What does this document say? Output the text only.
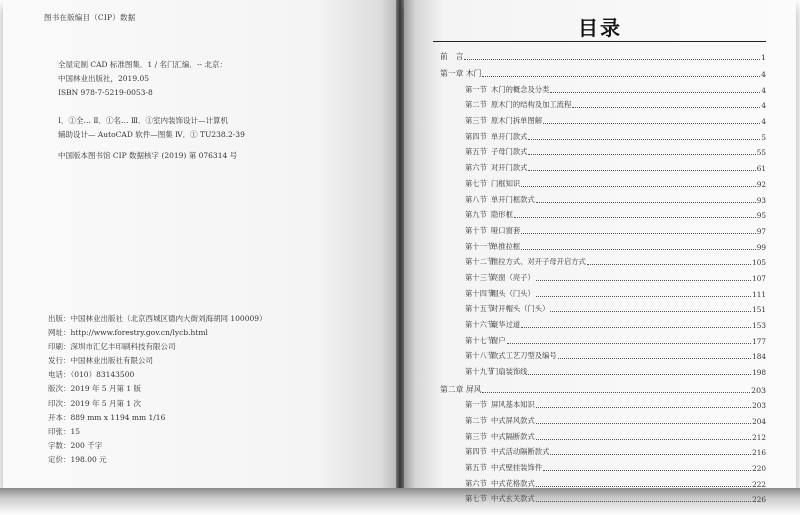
图书在版编目（CIP）数据
全屋定制 CAD 标准图集．1 / 名门汇编．-- 北京：
中国林业出版社，2019.05
ISBN 978-7-5219-0053-8
Ⅰ．①全… Ⅱ．①名… Ⅲ．①室内装饰设计—计算机
辅助设计— AutoCAD 软件—图集 Ⅳ．① TU238.2-39
中国版本图书馆 CIP 数据核字 (2019) 第 076314 号
出版：中国林业出版社（北京西城区德内大街刘海胡同 100009）
网址：http://www.forestry.gov.cn/lycb.html
印刷：深圳市汇亿丰印刷科技有限公司
发行：中国林业出版社有限公司
电话：（010）83143500
版次：2019 年 5 月第 1 版
印次：2019 年 5 月第 1 次
开本：889 mm x 1194 mm 1/16
印张：15
字数：200 千字
定价：198.00 元
目录
前　言	1
第一章 木门	4
第一节 木门的概念及分类	4
第二节 原木门的结构及加工流程	4
第三节 原木门拆单图解	4
第四节 单开门款式	5
第五节 子母门款式	55
第六节 对开门款式	61
第七节 门框知识	92
第八节 单开门框款式	93
第九节 隐形框	95
第十节 哑口窗套	97
第十一节单推拉框	99
第十二节推拉方式、对开子母开启方式	105
第十三节亮窗（亮子）	107
第十四节帽头（门头）	111
第十五节对开帽头（门头）	151
第十六节豪华过道	153
第十七节窗户	177
第十八节款式工艺刀型及编号	184
第十九节门扇装饰线	198
第二章 屏风	203
第一节 屏风基本知识	203
第二节 中式屏风款式	204
第三节 中式隔断款式	212
第四节 中式活动隔断款式	216
第五节 中式壁挂装饰件	220
第六节 中式花格款式	222
第七节 中式玄关款式	226
